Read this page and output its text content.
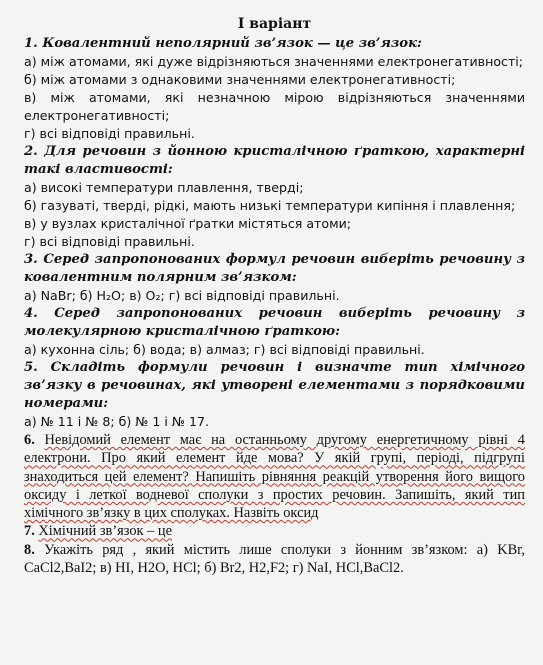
І варіант

1. Ковалентний неполярний зв’язок — це зв’язок:

а) між атомами, які дуже відрізняються значеннями електронегативності;

б) між атомами з однаковими значеннями електронегативності;

в) між атомами, які незначною мірою відрізняються значеннями електронегативності;

г) всі відповіді правильні.

2. Для речовин з йонною кристалічною ґраткою, характерні такі властивості:

а) високі температури плавлення, тверді;

б) газуваті, тверді, рідкі, мають низькі температури кипіння і плавлення;

в) у вузлах кристалічної ґратки містяться атоми;

г) всі відповіді правильні.

3. Серед запропонованих формул речовин виберіть речовину з ковалентним полярним зв’язком:

а) NaBr; б) H₂O; в) O₂; г) всі відповіді правильні.

4. Серед запропонованих речовин виберіть речовину з молекулярною кристалічною ґраткою:

а) кухонна сіль; б) вода; в) алмаз; г) всі відповіді правильні.

5. Складіть формули речовин і визначте тип хімічного зв’язку в речовинах, які утворені елементами з порядковими номерами:

а) № 11 і № 8; б) № 1 і № 17.

6. Невідомий елемент має на останньому другому енергетичному рівні 4 електрони. Про який елемент йде мова? У якій групі, періоді, підгрупі знаходиться цей елемент? Напишіть рівняння реакцій утворення його вищого оксиду і леткої водневої сполуки з простих речовин. Запишіть, який тип хімічного зв’язку в цих сполуках. Назвіть оксид

7. Хімічний зв’язок – це

8. Укажіть ряд , який містить лише сполуки з йонним зв’язком: а) KBr, CaCl2,BaI2; в) HI, H2O, HCl; б) Br2, H2,F2; г) NaI, HCl,BaCl2.
